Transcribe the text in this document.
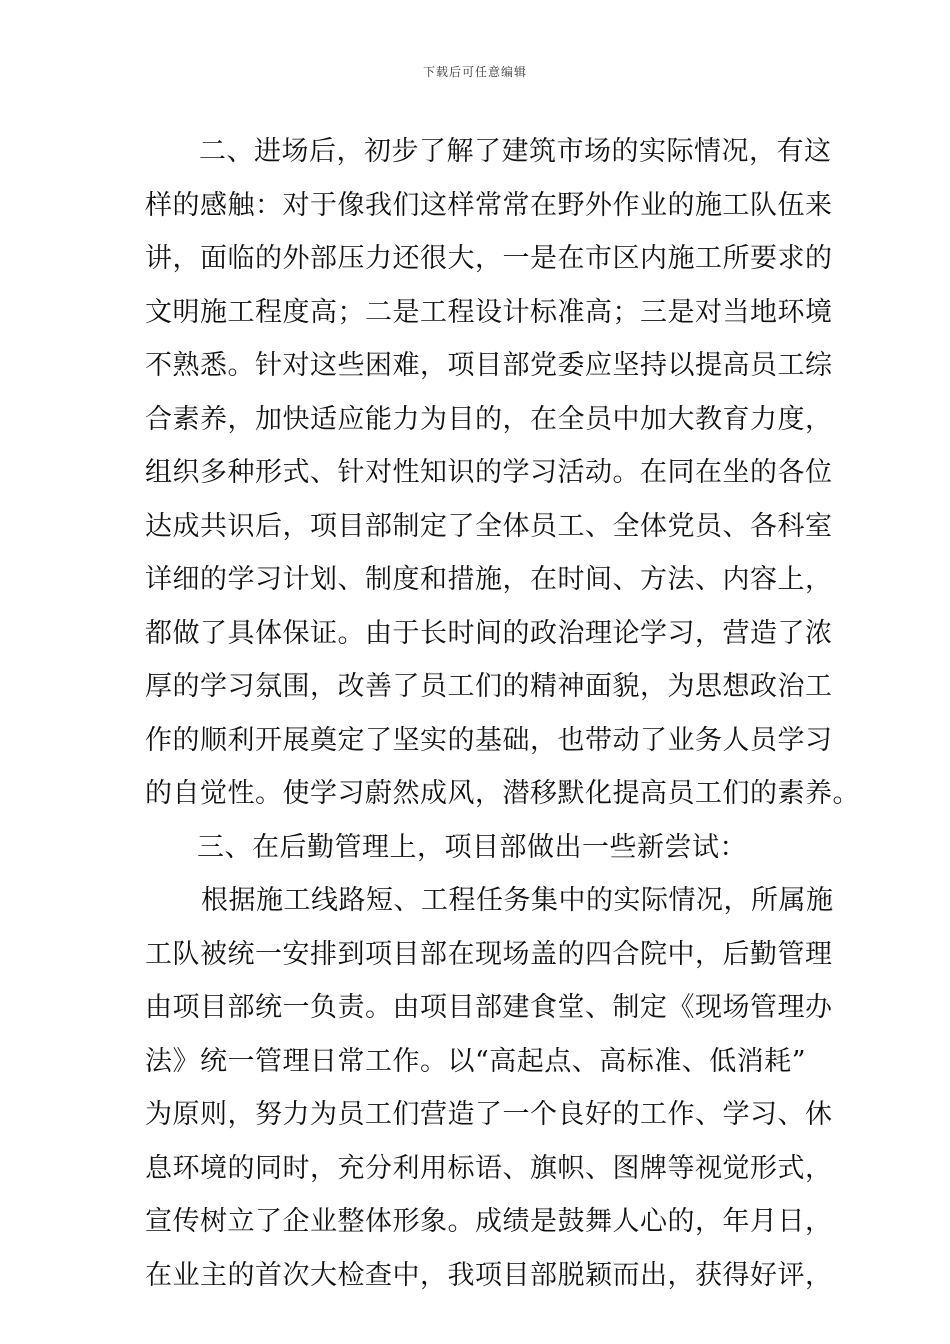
下载后可任意编辑
二、进场后，初步了解了建筑市场的实际情况，有这
样的感触：对于像我们这样常常在野外作业的施工队伍来
讲，面临的外部压力还很大，一是在市区内施工所要求的
文明施工程度高；二是工程设计标准高；三是对当地环境
不熟悉。针对这些困难，项目部党委应坚持以提高员工综
合素养，加快适应能力为目的，在全员中加大教育力度，
组织多种形式、针对性知识的学习活动。在同在坐的各位
达成共识后，项目部制定了全体员工、全体党员、各科室
详细的学习计划、制度和措施，在时间、方法、内容上，
都做了具体保证。由于长时间的政治理论学习，营造了浓
厚的学习氛围，改善了员工们的精神面貌，为思想政治工
作的顺利开展奠定了坚实的基础，也带动了业务人员学习
的自觉性。使学习蔚然成风，潜移默化提高员工们的素养。
三、在后勤管理上，项目部做出一些新尝试：
根据施工线路短、工程任务集中的实际情况，所属施
工队被统一安排到项目部在现场盖的四合院中，后勤管理
由项目部统一负责。由项目部建食堂、制定《现场管理办
法》统一管理日常工作。以“高起点、高标准、低消耗”
为原则，努力为员工们营造了一个良好的工作、学习、休
息环境的同时，充分利用标语、旗帜、图牌等视觉形式，
宣传树立了企业整体形象。成绩是鼓舞人心的，年月日，
在业主的首次大检查中，我项目部脱颖而出，获得好评，
